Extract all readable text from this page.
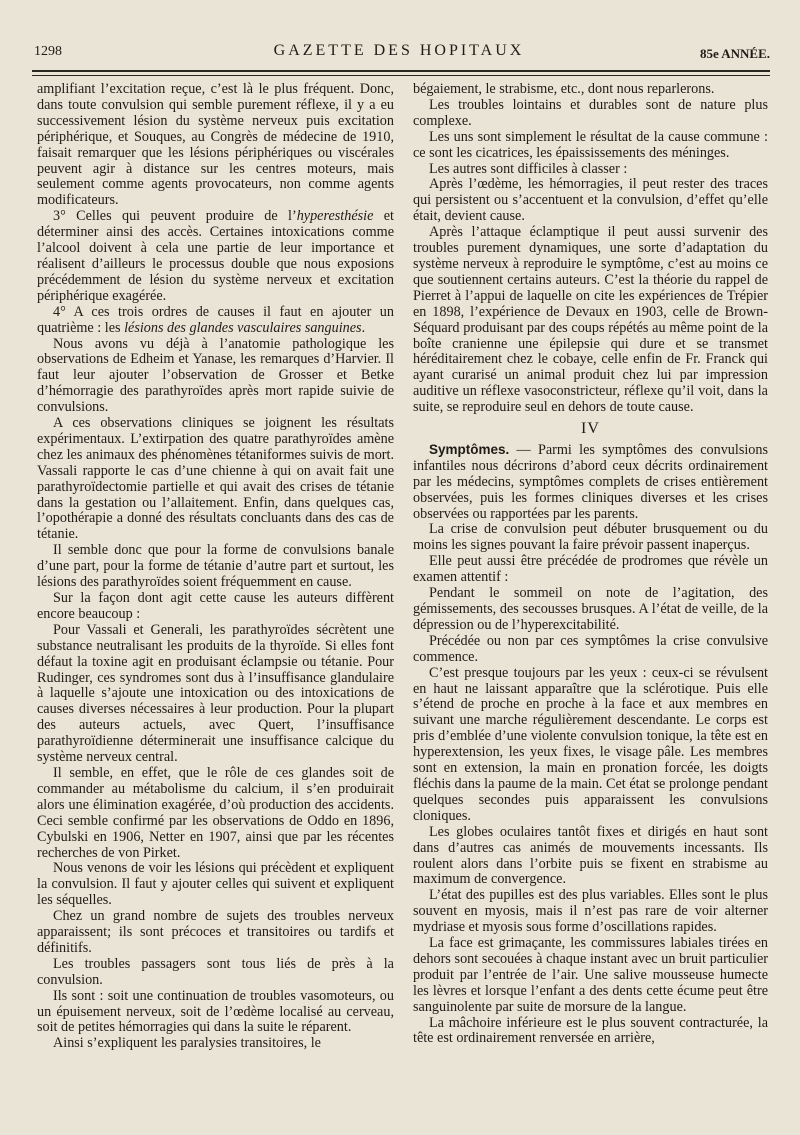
1298	GAZETTE DES HOPITAUX	85e ANNÉE.

amplifiant l’excitation reçue, c’est là le plus fréquent. Donc, dans toute convulsion qui semble purement réflexe, il y a eu successivement lésion du système nerveux puis excitation périphérique, et Souques, au Congrès de médecine de 1910, faisait remarquer que les lésions périphériques ou viscérales peuvent agir à distance sur les centres moteurs, mais seulement comme agents provocateurs, non comme agents modificateurs.

3° Celles qui peuvent produire de l’hyperesthésie et déterminer ainsi des accès. Certaines intoxications comme l’alcool doivent à cela une partie de leur importance et réalisent d’ailleurs le processus double que nous exposions précédemment de lésion du système nerveux et excitation périphérique exagérée.

4° A ces trois ordres de causes il faut en ajouter un quatrième : les lésions des glandes vasculaires sanguines.

Nous avons vu déjà à l’anatomie pathologique les observations de Edheim et Yanase, les remarques d’Harvier. Il faut leur ajouter l’observation de Grosser et Betke d’hémorragie des parathyroïdes après mort rapide suivie de convulsions.

A ces observations cliniques se joignent les résultats expérimentaux. L’extirpation des quatre parathyroïdes amène chez les animaux des phénomènes tétaniformes suivis de mort. Vassali rapporte le cas d’une chienne à qui on avait fait une parathyroïdectomie partielle et qui avait des crises de tétanie dans la gestation ou l’allaitement. Enfin, dans quelques cas, l’opothérapie a donné des résultats concluants dans des cas de tétanie.

Il semble donc que pour la forme de convulsions banale d’une part, pour la forme de tétanie d’autre part et surtout, les lésions des parathyroïdes soient fréquemment en cause.

Sur la façon dont agit cette cause les auteurs diffèrent encore beaucoup :

Pour Vassali et Generali, les parathyroïdes sécrètent une substance neutralisant les produits de la thyroïde. Si elles font défaut la toxine agit en produisant éclampsie ou tétanie. Pour Rudinger, ces syndromes sont dus à l’insuffisance glandulaire à laquelle s’ajoute une intoxication ou des intoxications de causes diverses nécessaires à leur production. Pour la plupart des auteurs actuels, avec Quert, l’insuffisance parathyroïdienne déterminerait une insuffisance calcique du système nerveux central.

Il semble, en effet, que le rôle de ces glandes soit de commander au métabolisme du calcium, il s’en produirait alors une élimination exagérée, d’où production des accidents. Ceci semble confirmé par les observations de Oddo en 1896, Cybulski en 1906, Netter en 1907, ainsi que par les récentes recherches de von Pirket.

Nous venons de voir les lésions qui précèdent et expliquent la convulsion. Il faut y ajouter celles qui suivent et expliquent les séquelles.

Chez un grand nombre de sujets des troubles nerveux apparaissent; ils sont précoces et transitoires ou tardifs et définitifs.

Les troubles passagers sont tous liés de près à la convulsion.

Ils sont : soit une continuation de troubles vasomoteurs, ou un épuisement nerveux, soit de l’œdème localisé au cerveau, soit de petites hémorragies qui dans la suite le réparent.

Ainsi s’expliquent les paralysies transitoires, le

bégaiement, le strabisme, etc., dont nous reparlerons.

Les troubles lointains et durables sont de nature plus complexe.

Les uns sont simplement le résultat de la cause commune : ce sont les cicatrices, les épaississements des méninges.

Les autres sont difficiles à classer :

Après l’œdème, les hémorragies, il peut rester des traces qui persistent ou s’accentuent et la convulsion, d’effet qu’elle était, devient cause.

Après l’attaque éclamptique il peut aussi survenir des troubles purement dynamiques, une sorte d’adaptation du système nerveux à reproduire le symptôme, c’est au moins ce que soutiennent certains auteurs. C’est la théorie du rappel de Pierret à l’appui de laquelle on cite les expériences de Trépier en 1898, l’expérience de Devaux en 1903, celle de Brown-Séquard produisant par des coups répétés au même point de la boîte cranienne une épilepsie qui dure et se transmet héréditairement chez le cobaye, celle enfin de Fr. Franck qui ayant curarisé un animal produit chez lui par impression auditive un réflexe vasoconstricteur, réflexe qu’il voit, dans la suite, se reproduire seul en dehors de toute cause.

IV

Symptômes. — Parmi les symptômes des convulsions infantiles nous décrirons d’abord ceux décrits ordinairement par les médecins, symptômes complets de crises entièrement observées, puis les formes cliniques diverses et les crises observées ou rapportées par les parents.

La crise de convulsion peut débuter brusquement ou du moins les signes pouvant la faire prévoir passent inaperçus.

Elle peut aussi être précédée de prodromes que révèle un examen attentif :

Pendant le sommeil on note de l’agitation, des gémissements, des secousses brusques. A l’état de veille, de la dépression ou de l’hyperexcitabilité.

Précédée ou non par ces symptômes la crise convulsive commence.

C’est presque toujours par les yeux : ceux-ci se révulsent en haut ne laissant apparaître que la sclérotique. Puis elle s’étend de proche en proche à la face et aux membres en suivant une marche régulièrement descendante. Le corps est pris d’emblée d’une violente convulsion tonique, la tête est en hyperextension, les yeux fixes, le visage pâle. Les membres sont en extension, la main en pronation forcée, les doigts fléchis dans la paume de la main. Cet état se prolonge pendant quelques secondes puis apparaissent les convulsions cloniques.

Les globes oculaires tantôt fixes et dirigés en haut sont dans d’autres cas animés de mouvements incessants. Ils roulent alors dans l’orbite puis se fixent en strabisme au maximum de convergence.

L’état des pupilles est des plus variables. Elles sont le plus souvent en myosis, mais il n’est pas rare de voir alterner mydriase et myosis sous forme d’oscillations rapides.

La face est grimaçante, les commissures labiales tirées en dehors sont secouées à chaque instant avec un bruit particulier produit par l’entrée de l’air. Une salive mousseuse humecte les lèvres et lorsque l’enfant a des dents cette écume peut être sanguinolente par suite de morsure de la langue.

La mâchoire inférieure est le plus souvent contracturée, la tête est ordinairement renversée en arrière,
